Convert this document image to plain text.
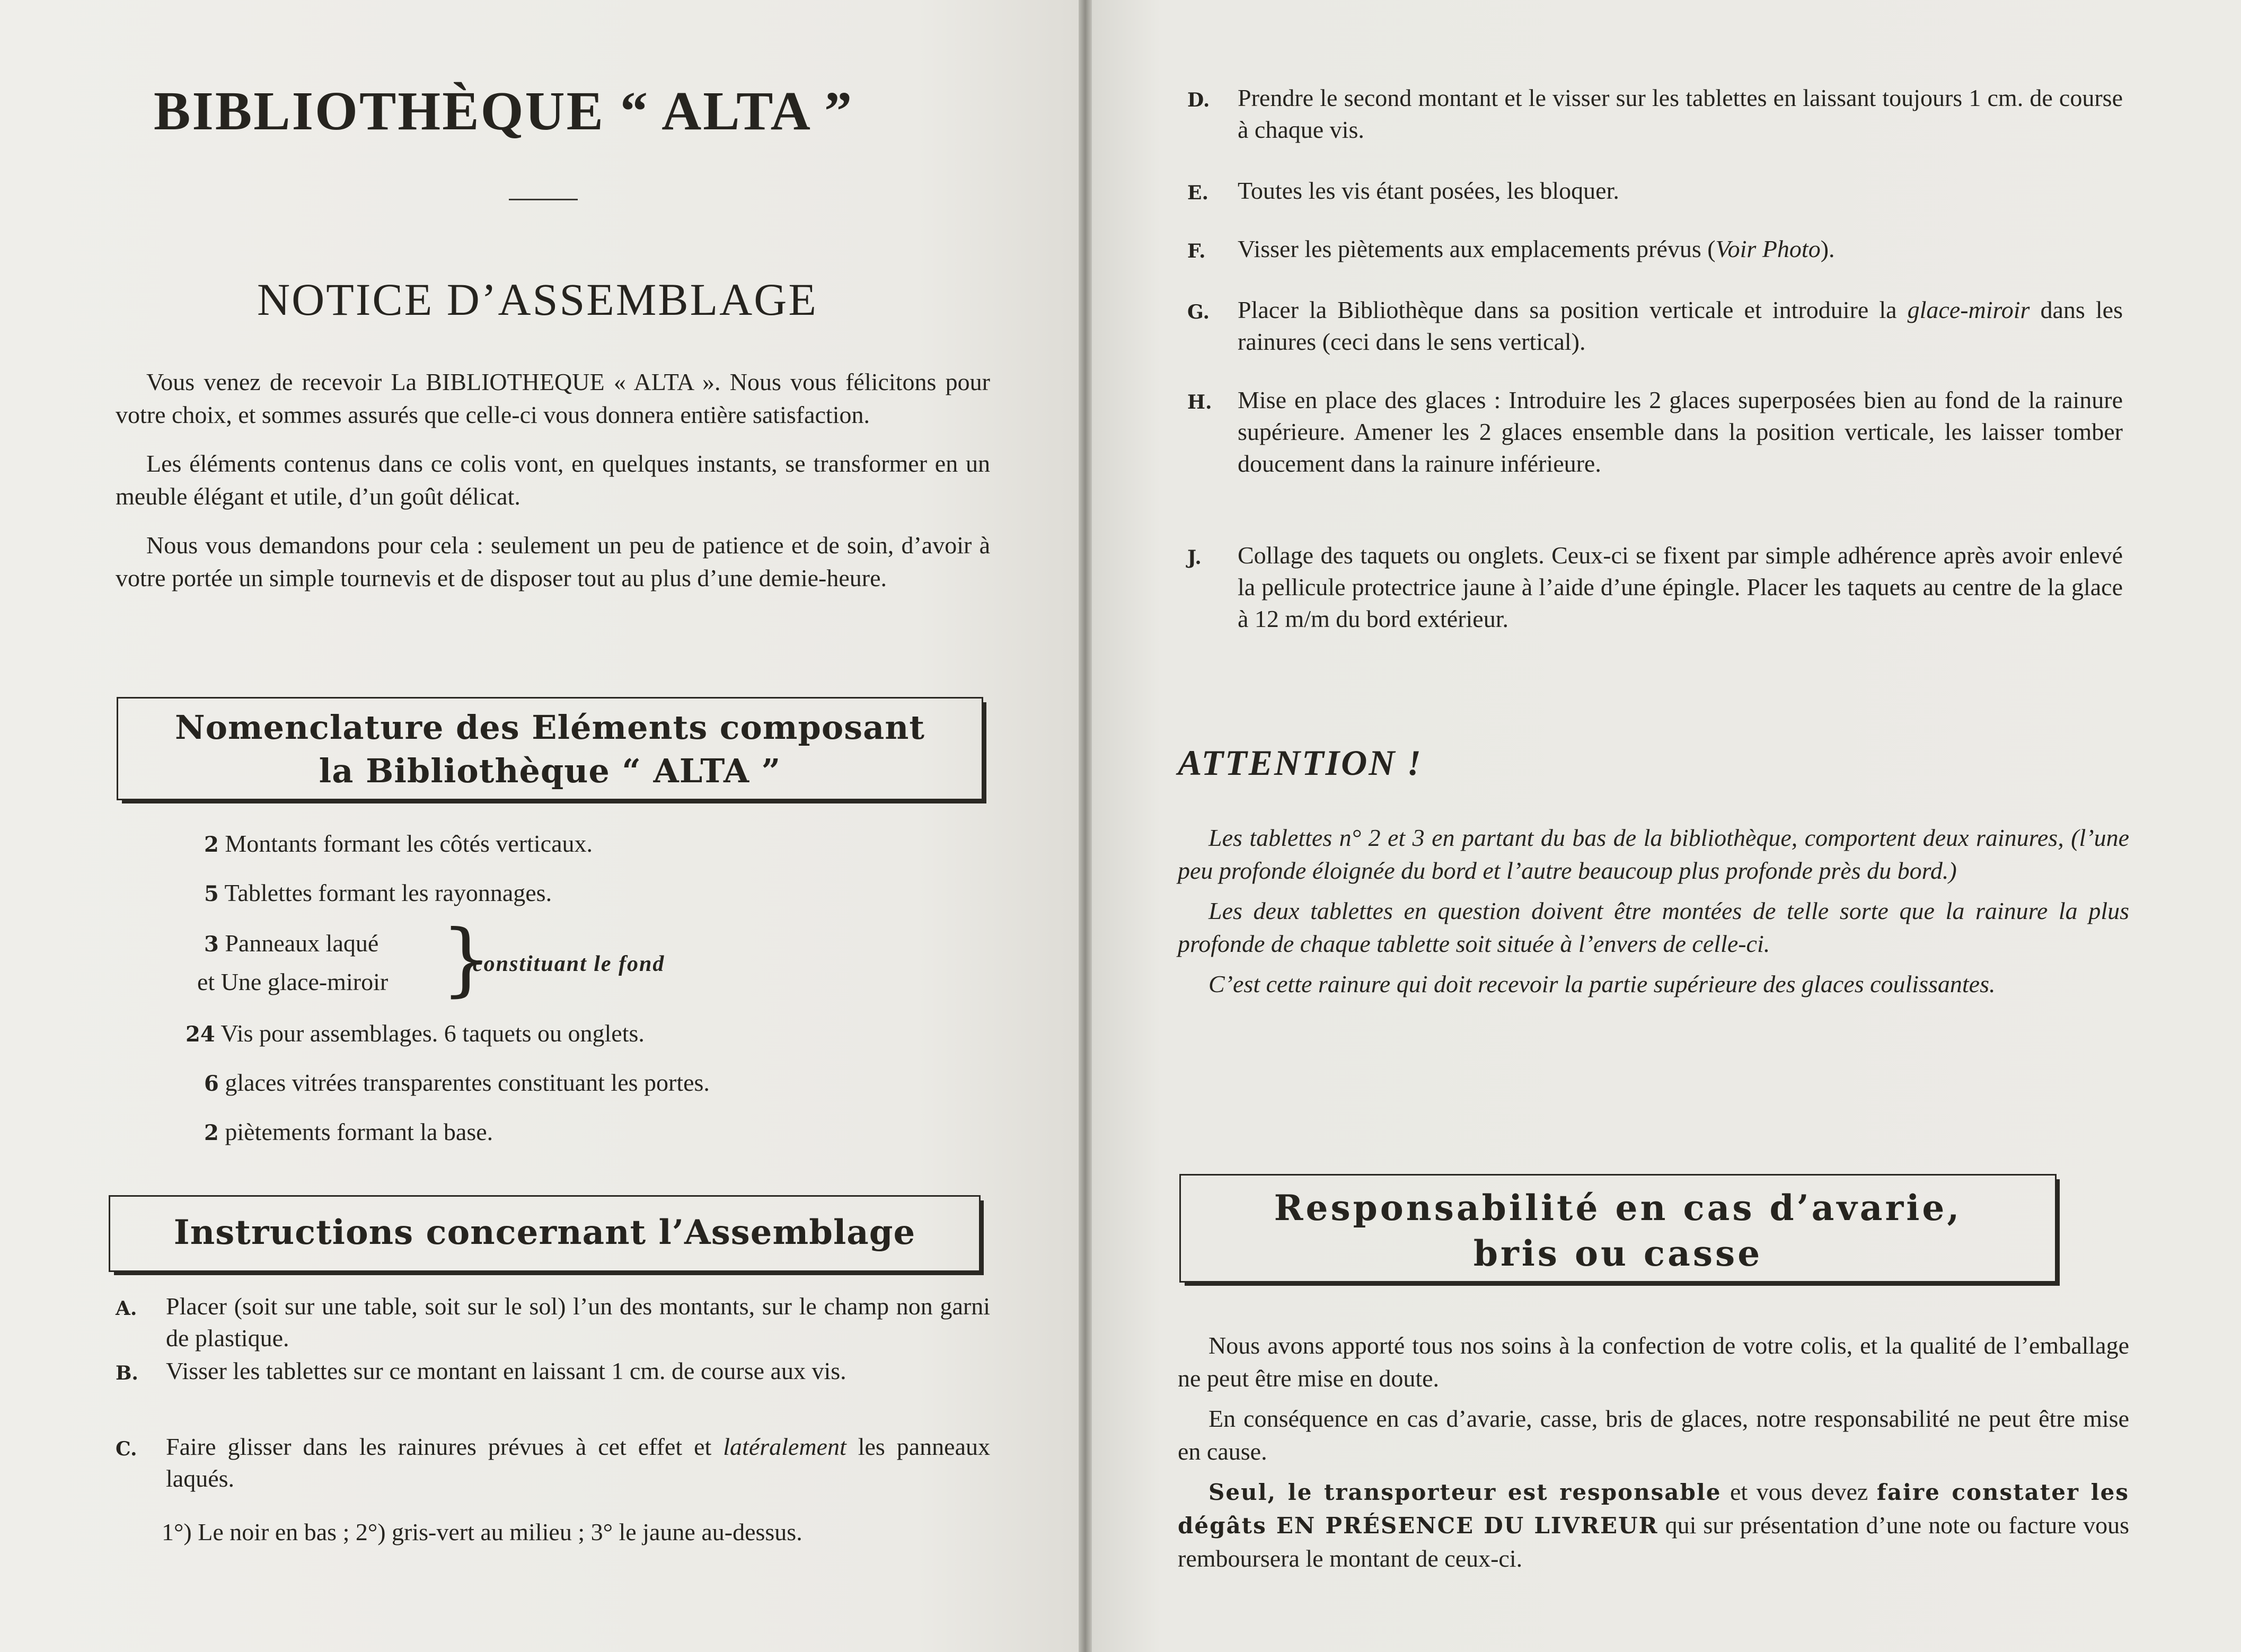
BIBLIOTHÈQUE “ ALTA ”
NOTICE D’ASSEMBLAGE

Vous venez de recevoir La BIBLIOTHEQUE « ALTA ». Nous vous félicitons pour votre choix, et sommes assurés que celle-ci vous donnera entière satisfaction.

Les éléments contenus dans ce colis vont, en quelques instants, se transformer en un meuble élégant et utile, d’un goût délicat.

Nous vous demandons pour cela : seulement un peu de patience et de soin, d’avoir à votre portée un simple tournevis et de disposer tout au plus d’une demie-heure.

Nomenclature des Eléments composant
la Bibliothèque “ ALTA ”
2 Montants formant les côtés verticaux.
5 Tablettes formant les rayonnages.
3 Panneaux laqué
et Une glace-miroir }
constituant le fond
24 Vis pour assemblages. 6 taquets ou onglets.
6 glaces vitrées transparentes constituant les portes.
2 piètements formant la base.
Instructions concernant l’Assemblage
A.	Placer (soit sur une table, soit sur le sol) l’un des montants, sur le champ non garni de plastique.
B.	Visser les tablettes sur ce montant en laissant 1 cm. de course aux vis.
C.	Faire glisser dans les rainures prévues à cet effet et latéralement les panneaux laqués.
1°) Le noir en bas ; 2°) gris-vert au milieu ; 3° le jaune au-dessus.
D.	Prendre le second montant et le visser sur les tablettes en laissant toujours 1 cm. de course à chaque vis.
E.	Toutes les vis étant posées, les bloquer.
F.	Visser les piètements aux emplacements prévus (Voir Photo).
G.	Placer la Bibliothèque dans sa position verticale et introduire la glace-miroir dans les rainures (ceci dans le sens vertical).
H.	Mise en place des glaces : Introduire les 2 glaces superposées bien au fond de la rainure supérieure. Amener les 2 glaces ensemble dans la position verticale, les laisser tomber doucement dans la rainure inférieure.
J.	Collage des taquets ou onglets. Ceux-ci se fixent par simple adhérence après avoir enlevé la pellicule protectrice jaune à l’aide d’une épingle. Placer les taquets au centre de la glace à 12 m/m du bord extérieur.
ATTENTION !

Les tablettes n° 2 et 3 en partant du bas de la bibliothèque, comportent deux rainures, (l’une peu profonde éloignée du bord et l’autre beaucoup plus profonde près du bord.)

Les deux tablettes en question doivent être montées de telle sorte que la rainure la plus profonde de chaque tablette soit située à l’envers de celle-ci.

C’est cette rainure qui doit recevoir la partie supérieure des glaces coulissantes.

Responsabilité en cas d’avarie,
bris ou casse

Nous avons apporté tous nos soins à la confection de votre colis, et la qualité de l’emballage ne peut être mise en doute.

En conséquence en cas d’avarie, casse, bris de glaces, notre responsabilité ne peut être mise en cause.

Seul, le transporteur est responsable et vous devez faire constater les dégâts EN PRÉSENCE DU LIVREUR qui sur présentation d’une note ou facture vous remboursera le montant de ceux-ci.
